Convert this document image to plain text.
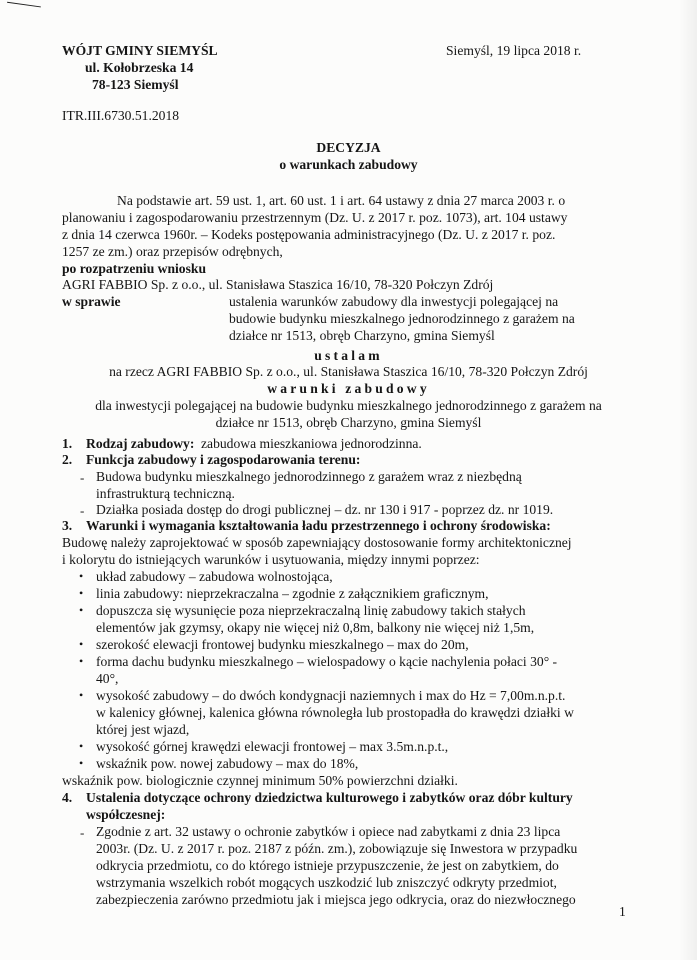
WÓJT GMINY SIEMYŚL
ul. Kołobrzeska 14
78-123 Siemyśl
Siemyśl, 19 lipca 2018 r.
ITR.III.6730.51.2018
DECYZJA
o warunkach zabudowy
Na podstawie art. 59 ust. 1, art. 60 ust. 1 i art. 64 ustawy z dnia 27 marca 2003 r. o
planowaniu i zagospodarowaniu przestrzennym (Dz. U. z 2017 r. poz. 1073), art. 104 ustawy
z dnia 14 czerwca 1960r. – Kodeks postępowania administracyjnego (Dz. U. z 2017 r. poz.
1257 ze zm.) oraz przepisów odrębnych,
po rozpatrzeniu wniosku
AGRI FABBIO Sp. z o.o., ul. Stanisława Staszica 16/10, 78-320 Połczyn Zdrój
w sprawie	ustalenia warunków zabudowy dla inwestycji polegającej na
budowie budynku mieszkalnego jednorodzinnego z garażem na
działce nr 1513, obręb Charzyno, gmina Siemyśl
ustalam
na rzecz AGRI FABBIO Sp. z o.o., ul. Stanisława Staszica 16/10, 78-320 Połczyn Zdrój
warunki zabudowy
dla inwestycji polegającej na budowie budynku mieszkalnego jednorodzinnego z garażem na
działce nr 1513, obręb Charzyno, gmina Siemyśl
1. Rodzaj zabudowy: zabudowa mieszkaniowa jednorodzinna.
2. Funkcja zabudowy i zagospodarowania terenu:
- Budowa budynku mieszkalnego jednorodzinnego z garażem wraz z niezbędną
infrastrukturą techniczną.
- Działka posiada dostęp do drogi publicznej – dz. nr 130 i 917 - poprzez dz. nr 1019.
3. Warunki i wymagania kształtowania ładu przestrzennego i ochrony środowiska:
Budowę należy zaprojektować w sposób zapewniający dostosowanie formy architektonicznej
i kolorytu do istniejących warunków i usytuowania, między innymi poprzez:
• układ zabudowy – zabudowa wolnostojąca,
• linia zabudowy: nieprzekraczalna – zgodnie z załącznikiem graficznym,
• dopuszcza się wysunięcie poza nieprzekraczalną linię zabudowy takich stałych
elementów jak gzymsy, okapy nie więcej niż 0,8m, balkony nie więcej niż 1,5m,
• szerokość elewacji frontowej budynku mieszkalnego – max do 20m,
• forma dachu budynku mieszkalnego – wielospadowy o kącie nachylenia połaci 30° -
40°,
• wysokość zabudowy – do dwóch kondygnacji naziemnych i max do Hz = 7,00m.n.p.t.
w kalenicy głównej, kalenica główna równoległa lub prostopadła do krawędzi działki w
której jest wjazd,
• wysokość górnej krawędzi elewacji frontowej – max 3.5m.n.p.t.,
• wskaźnik pow. nowej zabudowy – max do 18%,
wskaźnik pow. biologicznie czynnej minimum 50% powierzchni działki.
4. Ustalenia dotyczące ochrony dziedzictwa kulturowego i zabytków oraz dóbr kultury
współczesnej:
- Zgodnie z art. 32 ustawy o ochronie zabytków i opiece nad zabytkami z dnia 23 lipca
2003r. (Dz. U. z 2017 r. poz. 2187 z późn. zm.), zobowiązuje się Inwestora w przypadku
odkrycia przedmiotu, co do którego istnieje przypuszczenie, że jest on zabytkiem, do
wstrzymania wszelkich robót mogących uszkodzić lub zniszczyć odkryty przedmiot,
zabezpieczenia zarówno przedmiotu jak i miejsca jego odkrycia, oraz do niezwłocznego
1
